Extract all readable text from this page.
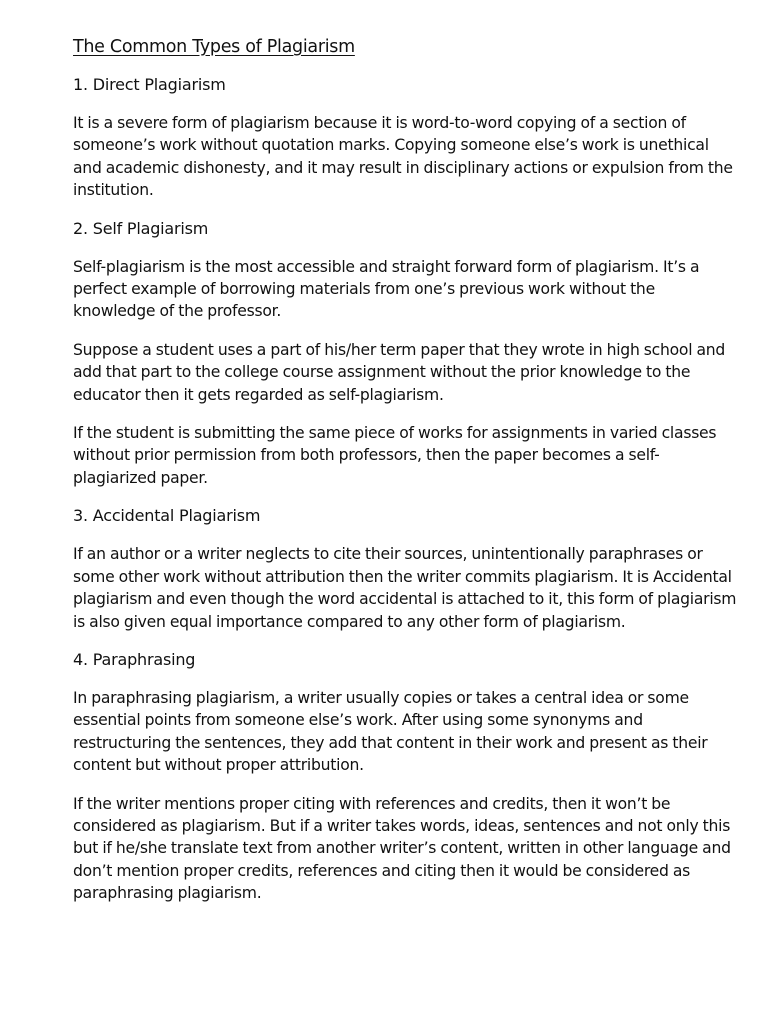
The Common Types of Plagiarism
1. Direct Plagiarism

It is a severe form of plagiarism because it is word-to-word copying of a section of someone’s work without quotation marks. Copying someone else’s work is unethical and academic dishonesty, and it may result in disciplinary actions or expulsion from the institution.

2. Self Plagiarism

Self-plagiarism is the most accessible and straight forward form of plagiarism. It’s a perfect example of borrowing materials from one’s previous work without the knowledge of the professor.

Suppose a student uses a part of his/her term paper that they wrote in high school and add that part to the college course assignment without the prior knowledge to the educator then it gets regarded as self-plagiarism.

If the student is submitting the same piece of works for assignments in varied classes without prior permission from both professors, then the paper becomes a self-plagiarized paper.

3. Accidental Plagiarism

If an author or a writer neglects to cite their sources, unintentionally paraphrases or some other work without attribution then the writer commits plagiarism. It is Accidental plagiarism and even though the word accidental is attached to it, this form of plagiarism is also given equal importance compared to any other form of plagiarism.

4. Paraphrasing

In paraphrasing plagiarism, a writer usually copies or takes a central idea or some essential points from someone else’s work. After using some synonyms and restructuring the sentences, they add that content in their work and present as their content but without proper attribution.

If the writer mentions proper citing with references and credits, then it won’t be considered as plagiarism. But if a writer takes words, ideas, sentences and not only this but if he/she translate text from another writer’s content, written in other language and don’t mention proper credits, references and citing then it would be considered as paraphrasing plagiarism.
